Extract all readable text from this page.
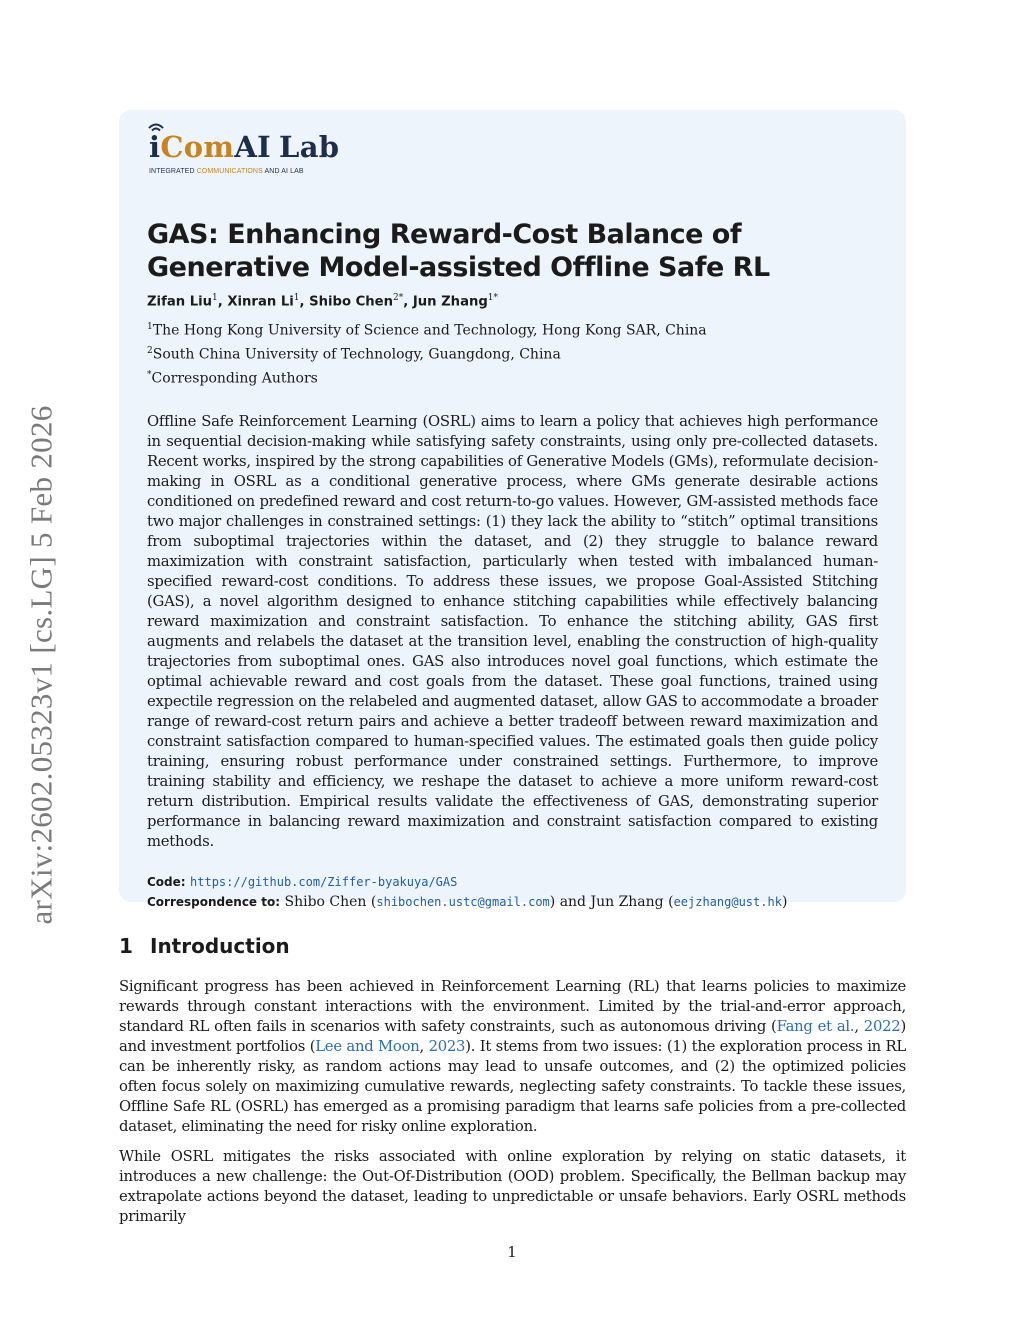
arXiv:2602.05323v1 [cs.LG] 5 Feb 2026
iComAI Lab
INTEGRATED COMMUNICATIONS AND AI LAB
GAS: Enhancing Reward-Cost Balance of
Generative Model-assisted Offline Safe RL
Zifan Liu$^1$, Xinran Li$^1$, Shibo Chen$^{2*}$, Jun Zhang$^{1*}$
$^1$The Hong Kong University of Science and Technology, Hong Kong SAR, China
$^2$South China University of Technology, Guangdong, China
*Corresponding Authors
Offline Safe Reinforcement Learning (OSRL) aims to learn a policy that achieves high performance in sequential decision-making while satisfying safety constraints, using only pre-collected datasets. Recent works, inspired by the strong capabilities of Generative Models (GMs), reformulate decision-making in OSRL as a conditional generative process, where GMs generate desirable actions conditioned on predefined reward and cost return-to-go values. However, GM-assisted methods face two major challenges in constrained settings: (1) they lack the ability to “stitch” optimal transitions from suboptimal trajectories within the dataset, and (2) they struggle to balance reward maximization with constraint satisfaction, particularly when tested with imbalanced human-specified reward-cost conditions. To address these issues, we propose Goal-Assisted Stitching (GAS), a novel algorithm designed to enhance stitching capabilities while effectively balancing reward maximization and constraint satisfaction. To enhance the stitching ability, GAS first augments and relabels the dataset at the transition level, enabling the construction of high-quality trajectories from suboptimal ones. GAS also introduces novel goal functions, which estimate the optimal achievable reward and cost goals from the dataset. These goal functions, trained using expectile regression on the relabeled and augmented dataset, allow GAS to accommodate a broader range of reward-cost return pairs and achieve a better tradeoff between reward maximization and constraint satisfaction compared to human-specified values. The estimated goals then guide policy training, ensuring robust performance under constrained settings. Furthermore, to improve training stability and efficiency, we reshape the dataset to achieve a more uniform reward-cost return distribution. Empirical results validate the effectiveness of GAS, demonstrating superior performance in balancing reward maximization and constraint satisfaction compared to existing methods.
Code: https://github.com/Ziffer-byakuya/GAS
Correspondence to: Shibo Chen (shibochen.ustc@gmail.com) and Jun Zhang (eejzhang@ust.hk)
1 Introduction

Significant progress has been achieved in Reinforcement Learning (RL) that learns policies to maximize rewards through constant interactions with the environment. Limited by the trial-and-error approach, standard RL often fails in scenarios with safety constraints, such as autonomous driving (Fang et al., 2022) and investment portfolios (Lee and Moon, 2023). It stems from two issues: (1) the exploration process in RL can be inherently risky, as random actions may lead to unsafe outcomes, and (2) the optimized policies often focus solely on maximizing cumulative rewards, neglecting safety constraints. To tackle these issues, Offline Safe RL (OSRL) has emerged as a promising paradigm that learns safe policies from a pre-collected dataset, eliminating the need for risky online exploration.

While OSRL mitigates the risks associated with online exploration by relying on static datasets, it introduces a new challenge: the Out-Of-Distribution (OOD) problem. Specifically, the Bellman backup may extrapolate actions beyond the dataset, leading to unpredictable or unsafe behaviors. Early OSRL methods primarily

1
